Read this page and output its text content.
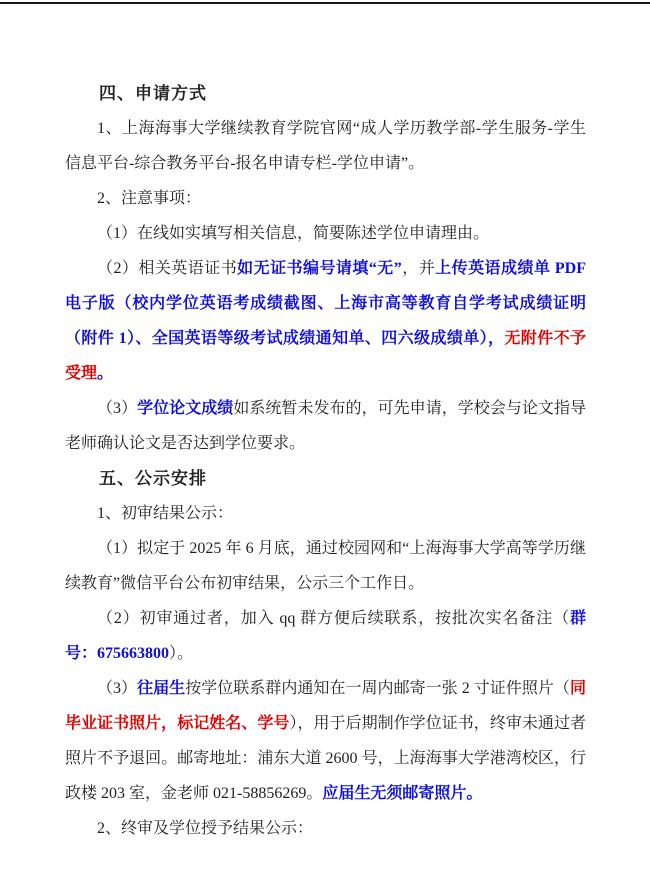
四、申请方式

1、上海海事大学继续教育学院官网“成人学历教学部-学生服务-学生信息平台-综合教务平台-报名申请专栏-学位申请”。

2、注意事项：

（1）在线如实填写相关信息，简要陈述学位申请理由。

（2）相关英语证书如无证书编号请填“无”，并上传英语成绩单 PDF 电子版（校内学位英语考成绩截图、上海市高等教育自学考试成绩证明（附件 1）、全国英语等级考试成绩通知单、四六级成绩单），无附件不予受理。

（3）学位论文成绩如系统暂未发布的，可先申请，学校会与论文指导老师确认论文是否达到学位要求。

五、公示安排

1、初审结果公示：

（1）拟定于 2025 年 6 月底，通过校园网和“上海海事大学高等学历继续教育”微信平台公布初审结果，公示三个工作日。

（2）初审通过者，加入 qq 群方便后续联系，按批次实名备注（群号：675663800）。

（3）往届生按学位联系群内通知在一周内邮寄一张 2 寸证件照片（同毕业证书照片，标记姓名、学号），用于后期制作学位证书，终审未通过者照片不予退回。邮寄地址：浦东大道 2600 号，上海海事大学港湾校区，行政楼 203 室，金老师 021-58856269。应届生无须邮寄照片。

2、终审及学位授予结果公示：
